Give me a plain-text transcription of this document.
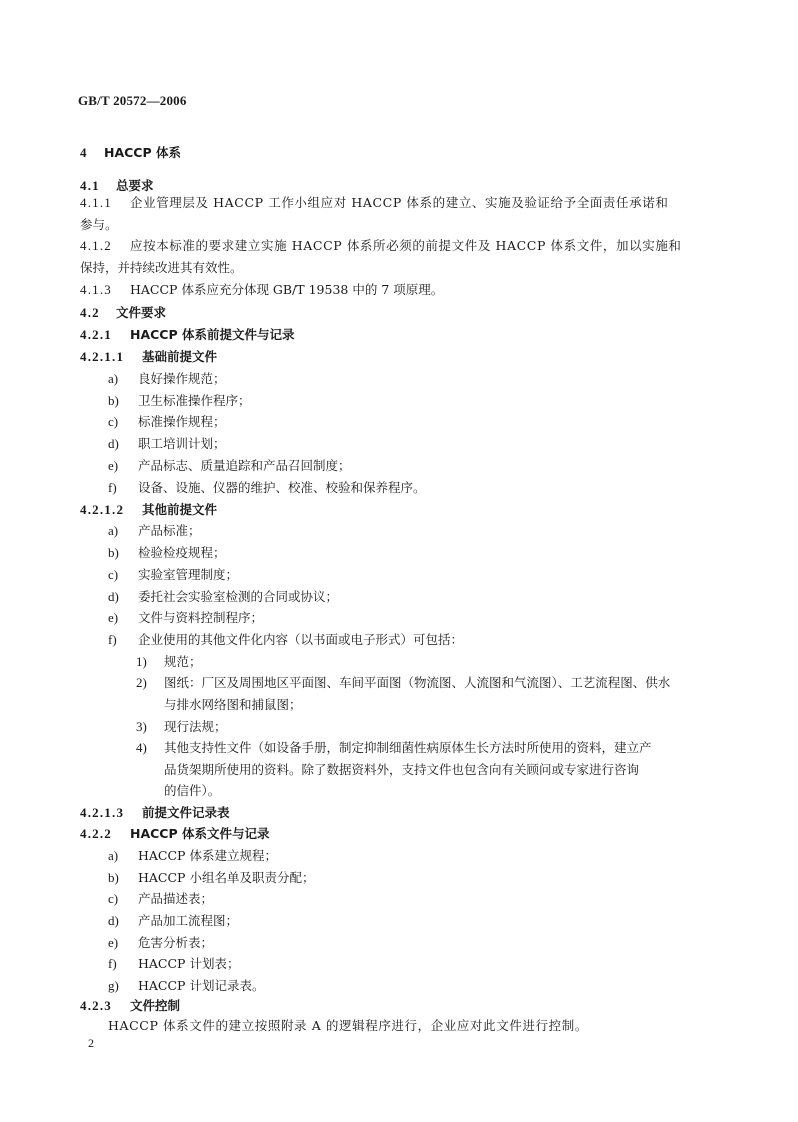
GB/T 20572—2006
4 HACCP 体系
4.1 总要求
4.1.1 企业管理层及 HACCP 工作小组应对 HACCP 体系的建立、实施及验证给予全面责任承诺和
参与。
4.1.2 应按本标准的要求建立实施 HACCP 体系所必须的前提文件及 HACCP 体系文件，加以实施和
保持，并持续改进其有效性。
4.1.3 HACCP 体系应充分体现 GB/T 19538 中的 7 项原理。
4.2 文件要求
4.2.1 HACCP 体系前提文件与记录
4.2.1.1 基础前提文件
a) 良好操作规范；
b) 卫生标准操作程序；
c) 标准操作规程；
d) 职工培训计划；
e) 产品标志、质量追踪和产品召回制度；
f) 设备、设施、仪器的维护、校准、校验和保养程序。
4.2.1.2 其他前提文件
a) 产品标准；
b) 检验检疫规程；
c) 实验室管理制度；
d) 委托社会实验室检测的合同或协议；
e) 文件与资料控制程序；
f) 企业使用的其他文件化内容（以书面或电子形式）可包括：
1) 规范；
2) 图纸：厂区及周围地区平面图、车间平面图（物流图、人流图和气流图）、工艺流程图、供水
与排水网络图和捕鼠图；
3) 现行法规；
4) 其他支持性文件（如设备手册，制定抑制细菌性病原体生长方法时所使用的资料，建立产
品货架期所使用的资料。除了数据资料外，支持文件也包含向有关顾问或专家进行咨询
的信件）。
4.2.1.3 前提文件记录表
4.2.2 HACCP 体系文件与记录
a) HACCP 体系建立规程；
b) HACCP 小组名单及职责分配；
c) 产品描述表；
d) 产品加工流程图；
e) 危害分析表；
f) HACCP 计划表；
g) HACCP 计划记录表。
4.2.3 文件控制
HACCP 体系文件的建立按照附录 A 的逻辑程序进行，企业应对此文件进行控制。
2
